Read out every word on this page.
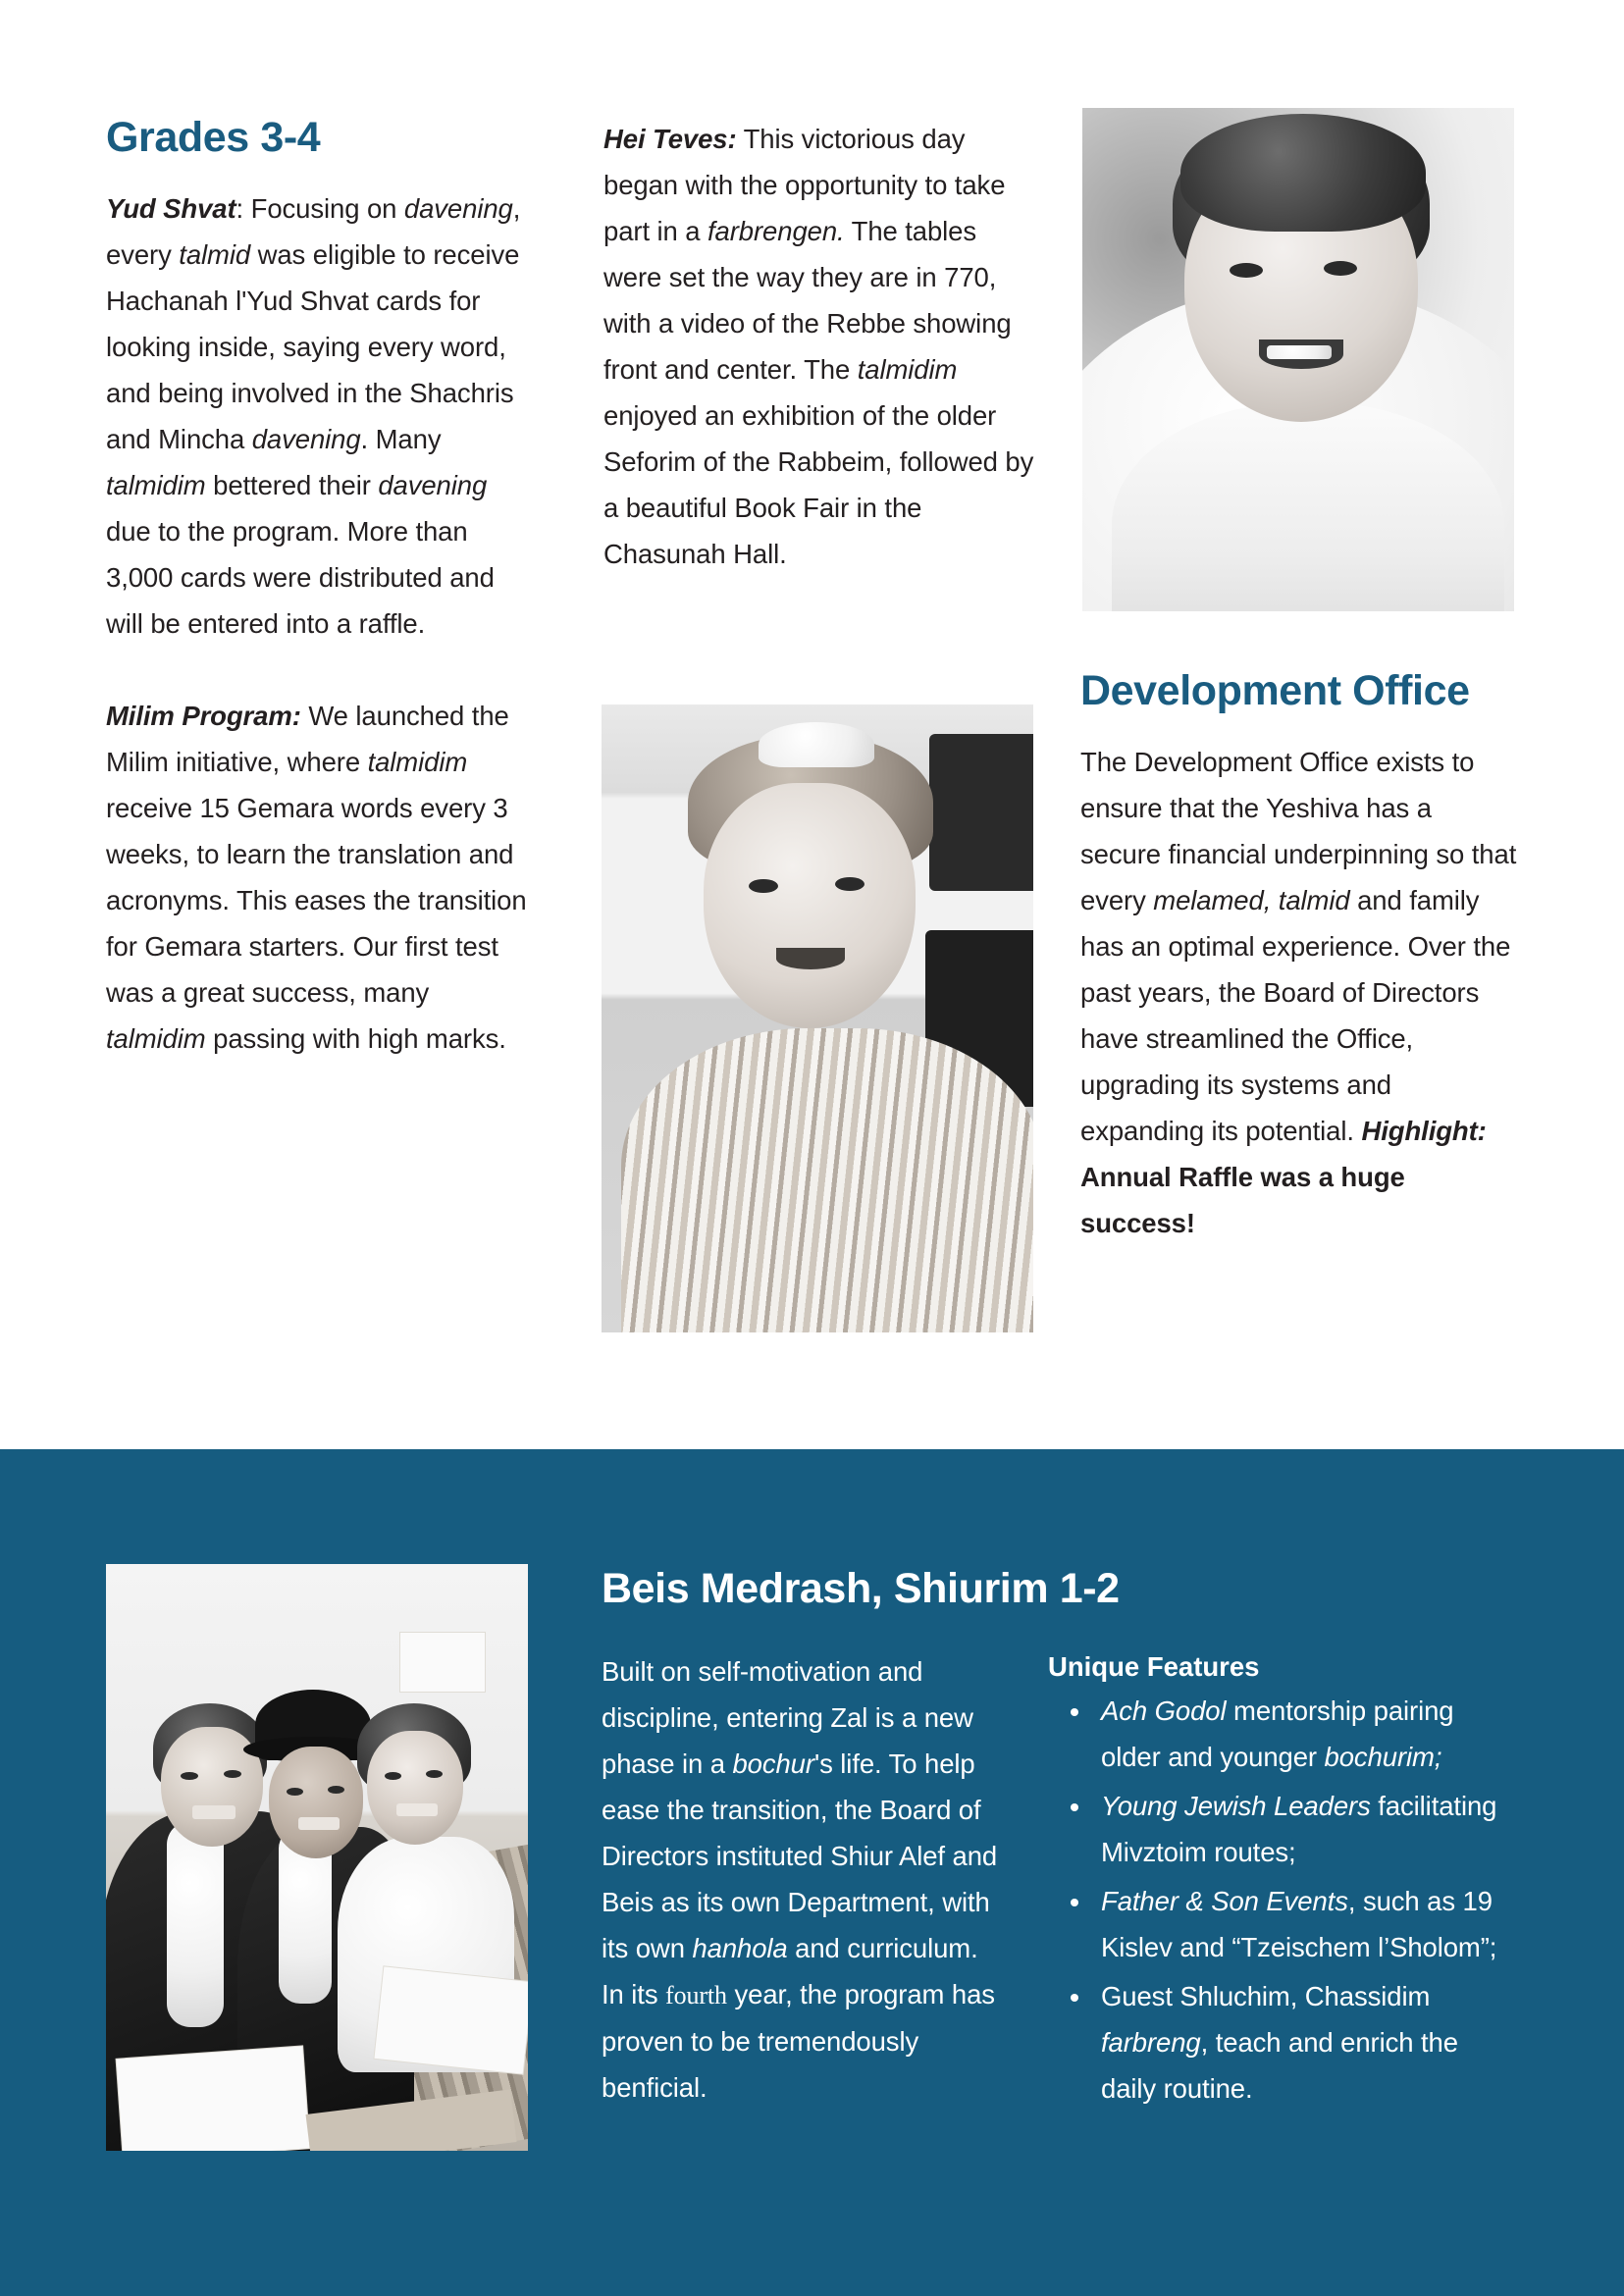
Grades 3-4

Yud Shvat: Focusing on davening, every talmid was eligible to receive Hachanah l'Yud Shvat cards for looking inside, saying every word, and being involved in the Shachris and Mincha davening. Many talmidim bettered their davening due to the program. More than 3,000 cards were distributed and will be entered into a raffle.

Milim Program: We launched the Milim initiative, where talmidim receive 15 Gemara words every 3 weeks, to learn the translation and acronyms. This eases the transition for Gemara starters. Our first test was a great success, many talmidim passing with high marks.

Hei Teves: This victorious day began with the opportunity to take part in a farbrengen. The tables were set the way they are in 770, with a video of the Rebbe showing front and center. The talmidim enjoyed an exhibition of the older Seforim of the Rabbeim, followed by a beautiful Book Fair in the Chasunah Hall.

Development Office

The Development Office exists to ensure that the Yeshiva has a secure financial underpinning so that every melamed, talmid and family has an optimal experience. Over the past years, the Board of Directors have streamlined the Office, upgrading its systems and expanding its potential. Highlight: Annual Raffle was a huge success!

Beis Medrash, Shiurim 1-2

Built on self-motivation and discipline, entering Zal is a new phase in a bochur's life. To help ease the transition, the Board of Directors instituted Shiur Alef and Beis as its own Department, with its own hanhola and curriculum. In its fourth year, the program has proven to be tremendously benficial.

Unique Features
• Ach Godol mentorship pairing older and younger bochurim;
• Young Jewish Leaders facilitating Mivztoim routes;
• Father & Son Events, such as 19 Kislev and “Tzeischem l’Sholom”;
• Guest Shluchim, Chassidim farbreng, teach and enrich the daily routine.
